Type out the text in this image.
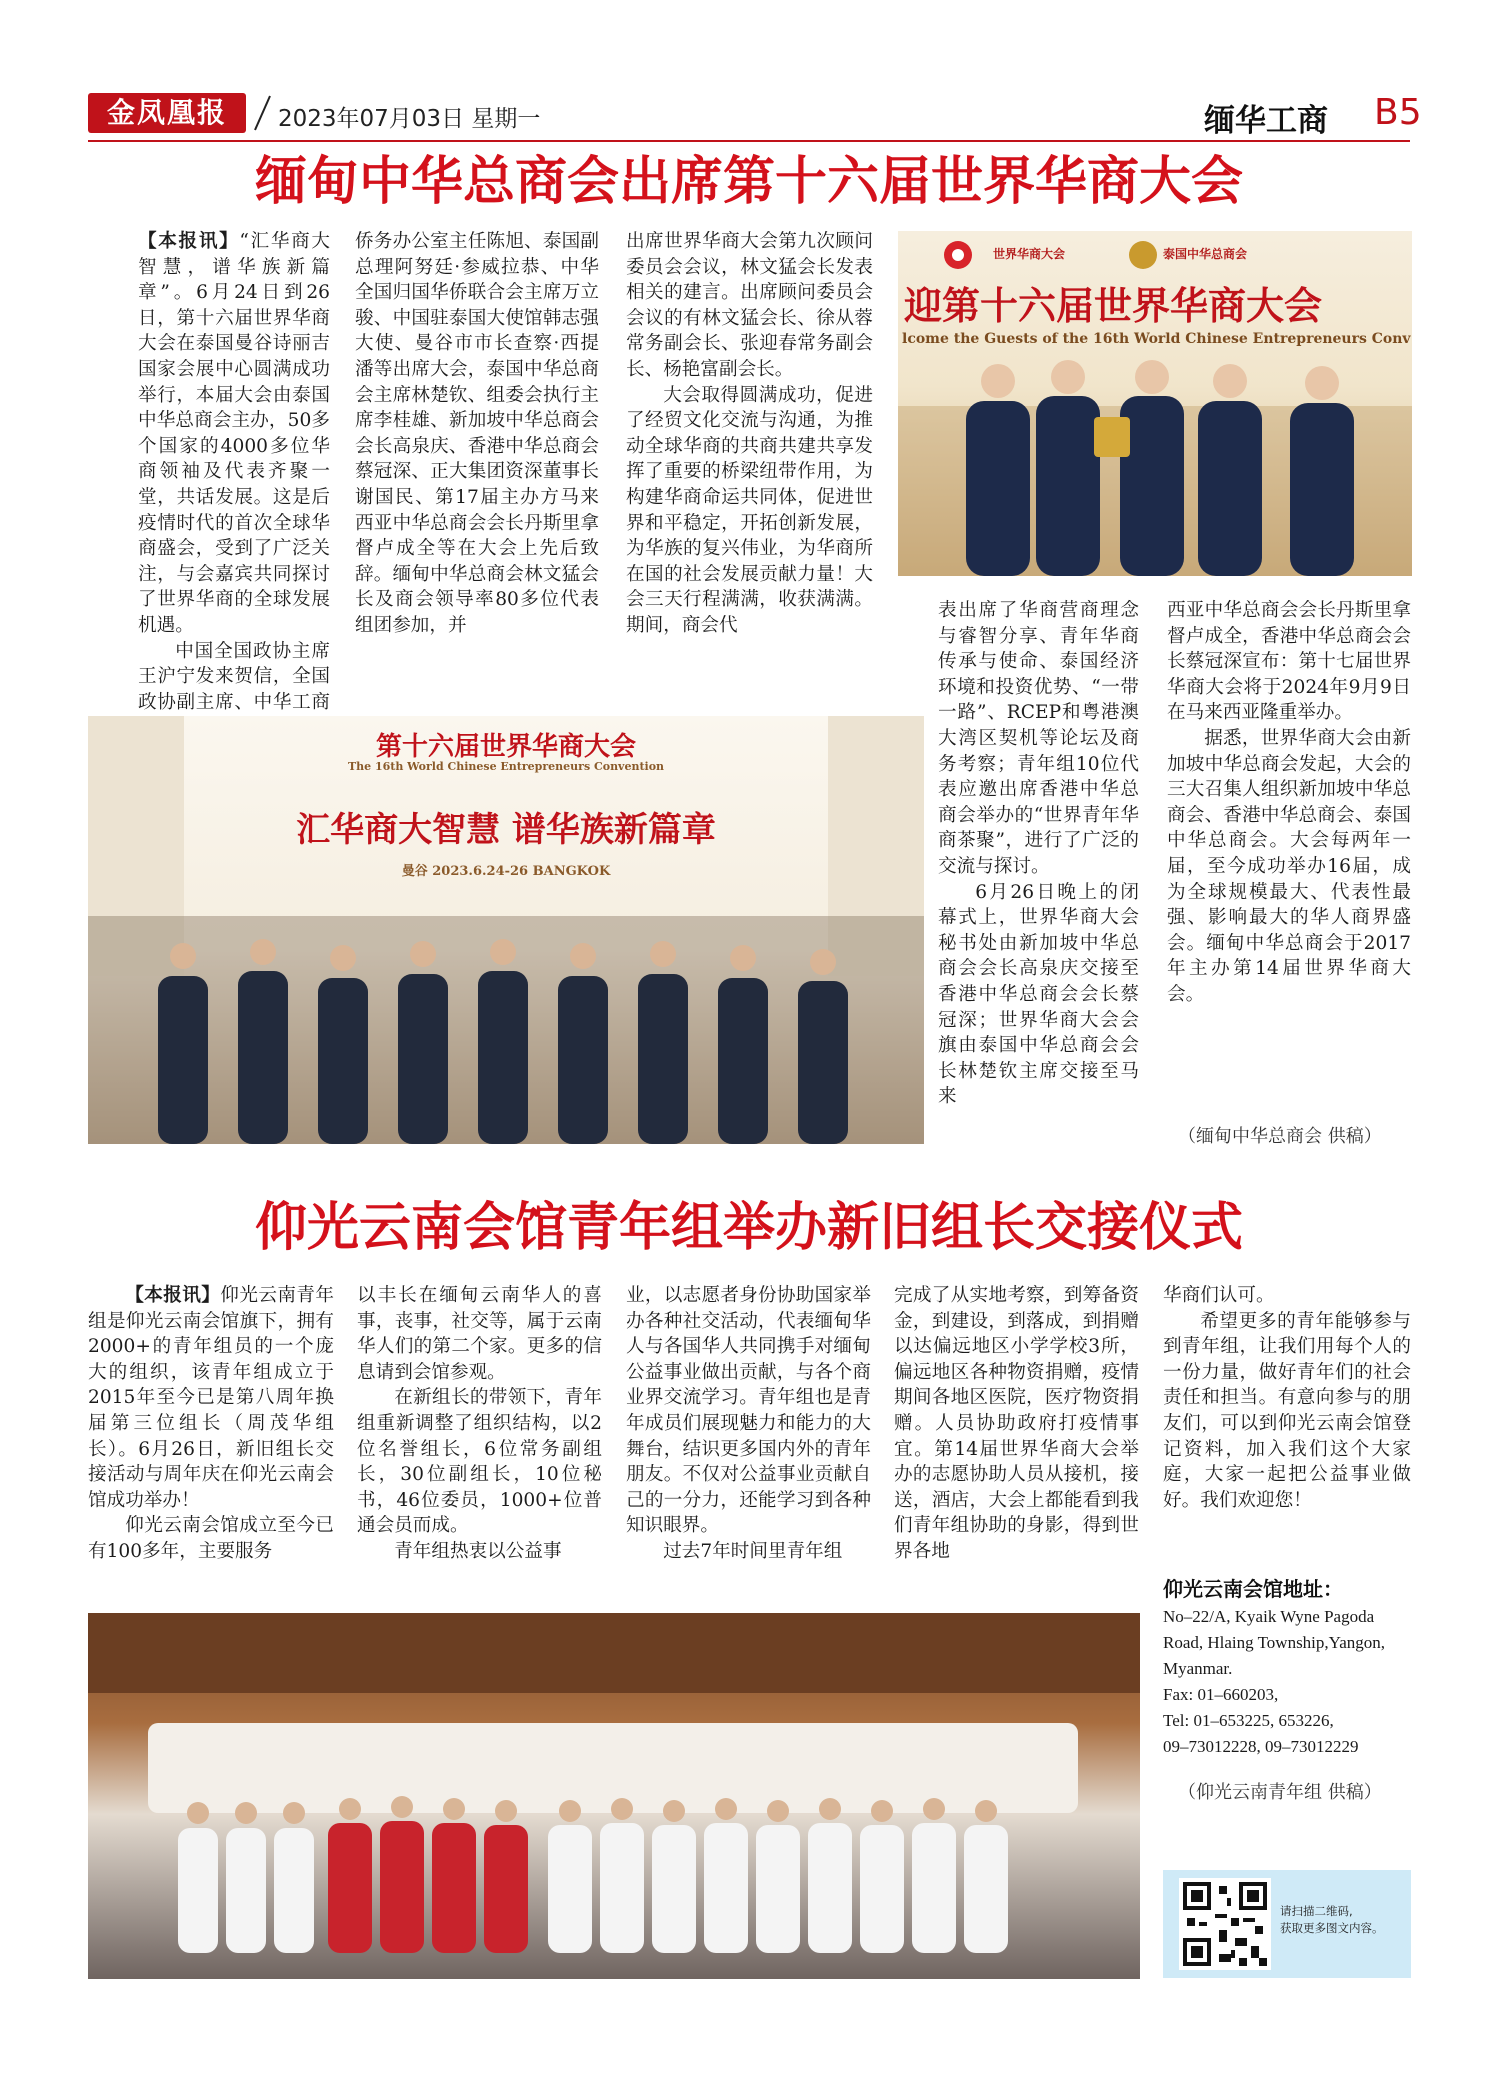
金凤凰报	2023年07月03日 星期一	缅华工商 B5
缅甸中华总商会出席第十六届世界华商大会

【本报讯】“汇华商大智慧，谱华族新篇章”。6月24日到26日，第十六届世界华商大会在泰国曼谷诗丽吉国家会展中心圆满成功举行，本届大会由泰国中华总商会主办，50多个国家的4000多位华商领袖及代表齐聚一堂，共话发展。这是后疫情时代的首次全球华商盛会，受到了广泛关注，与会嘉宾共同探讨了世界华商的全球发展机遇。

中国全国政协主席王沪宁发来贺信，全国政协副主席、中华工商

侨务办公室主任陈旭、泰国副总理阿努廷·参威拉恭、中华全国归国华侨联合会主席万立骏、中国驻泰国大使馆韩志强大使、曼谷市市长查察·西提潘等出席大会，泰国中华总商会主席林楚钦、组委会执行主席李桂雄、新加坡中华总商会会长高泉庆、香港中华总商会蔡冠深、正大集团资深董事长谢国民、第17届主办方马来西亚中华总商会会长丹斯里拿督卢成全等在大会上先后致辞。缅甸中华总商会林文猛会长及商会领导率80多位代表组团参加，并

出席世界华商大会第九次顾问委员会会议，林文猛会长发表相关的建言。出席顾问委员会会议的有林文猛会长、徐从蓉常务副会长、张迎春常务副会长、杨艳富副会长。

大会取得圆满成功，促进了经贸文化交流与沟通，为推动全球华商的共商共建共享发挥了重要的桥梁纽带作用，为构建华商命运共同体，促进世界和平稳定，开拓创新发展，为华族的复兴伟业，为华商所在国的社会发展贡献力量！大会三天行程满满，收获满满。期间，商会代

表出席了华商营商理念与睿智分享、青年华商传承与使命、泰国经济环境和投资优势、“一带一路”、RCEP和粤港澳大湾区契机等论坛及商务考察；青年组10位代表应邀出席香港中华总商会举办的“世界青年华商茶聚”，进行了广泛的交流与探讨。

6月26日晚上的闭幕式上，世界华商大会秘书处由新加坡中华总商会会长高泉庆交接至香港中华总商会会长蔡冠深；世界华商大会会旗由泰国中华总商会会长林楚钦主席交接至马来

西亚中华总商会会长丹斯里拿督卢成全，香港中华总商会会长蔡冠深宣布：第十七届世界华商大会将于2024年9月9日在马来西亚隆重举办。

据悉，世界华商大会由新加坡中华总商会发起，大会的三大召集人组织新加坡中华总商会、香港中华总商会、泰国中华总商会。大会每两年一届，至今成功举办16届，成为全球规模最大、代表性最强、影响最大的华人商界盛会。缅甸中华总商会于2017年主办第14届世界华商大会。

（缅甸中华总商会 供稿）
世界华商大会	泰国中华总商会
迎第十六届世界华商大会
lcome the Guests of the 16th World Chinese Entrepreneurs Conv
第十六届世界华商大会
The 16th World Chinese Entrepreneurs Convention
汇华商大智慧 谱华族新篇章
曼谷 2023.6.24-26 BANGKOK
仰光云南会馆青年组举办新旧组长交接仪式

【本报讯】仰光云南青年组是仰光云南会馆旗下，拥有2000+的青年组员的一个庞大的组织，该青年组成立于2015年至今已是第八周年换届第三位组长（周茂华组长）。6月26日，新旧组长交接活动与周年庆在仰光云南会馆成功举办！

仰光云南会馆成立至今已有100多年，主要服务

以丰长在缅甸云南华人的喜事，丧事，社交等，属于云南华人们的第二个家。更多的信息请到会馆参观。

在新组长的带领下，青年组重新调整了组织结构，以2位名誉组长，6位常务副组长，30位副组长，10位秘书，46位委员，1000+位普通会员而成。

青年组热衷以公益事

业，以志愿者身份协助国家举办各种社交活动，代表缅甸华人与各国华人共同携手对缅甸公益事业做出贡献，与各个商业界交流学习。青年组也是青年成员们展现魅力和能力的大舞台，结识更多国内外的青年朋友。不仅对公益事业贡献自己的一分力，还能学习到各种知识眼界。

过去7年时间里青年组

完成了从实地考察，到筹备资金，到建设，到落成，到捐赠以达偏远地区小学学校3所，偏远地区各种物资捐赠，疫情期间各地区医院，医疗物资捐赠。人员协助政府打疫情事宜。第14届世界华商大会举办的志愿协助人员从接机，接送，酒店，大会上都能看到我们青年组协助的身影，得到世界各地

华商们认可。

希望更多的青年能够参与到青年组，让我们用每个人的一份力量，做好青年们的社会责任和担当。有意向参与的朋友们，可以到仰光云南会馆登记资料，加入我们这个大家庭，大家一起把公益事业做好。我们欢迎您！

仰光云南会馆地址：
No–22/A, Kyaik Wyne Pagoda
Road, Hlaing Township,Yangon,
Myanmar.
Fax: 01–660203,
Tel: 01–653225, 653226,
09–73012228, 09–73012229
（仰光云南青年组 供稿）
请扫描二维码,
获取更多图文内容。
